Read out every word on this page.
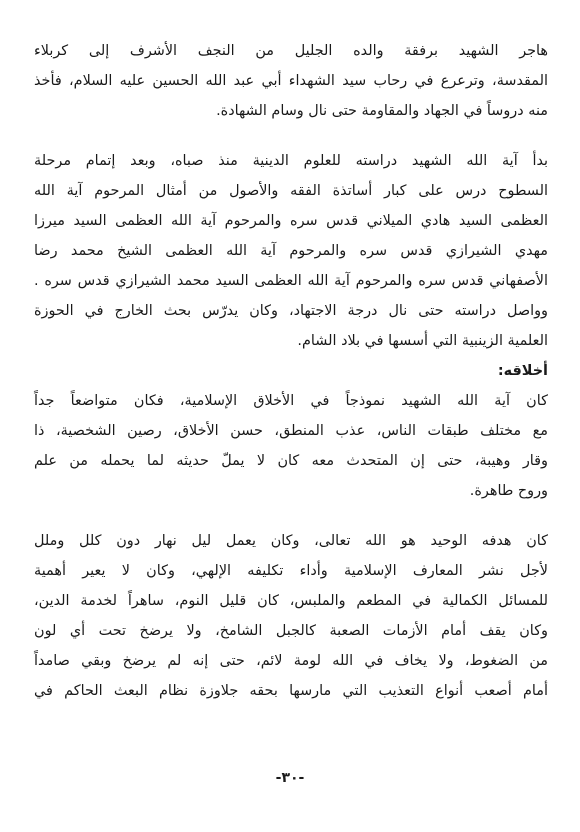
هاجر الشهيد برفقة والده الجليل من النجف الأشرف إلى كربلاء
المقدسة، وترعرع في رحاب سيد الشهداء أبي عبد الله الحسين عليه السلام، فأخذ
منه دروساً في الجهاد والمقاومة حتى نال وسام الشهادة.

بدأ آية الله الشهيد دراسته للعلوم الدينية منذ صباه، وبعد إتمام مرحلة
السطوح درس على كبار أساتذة الفقه والأصول من أمثال المرحوم آية الله
العظمى السيد هادي الميلاني قدس سره والمرحوم آية الله العظمى السيد ميرزا
مهدي الشيرازي قدس سره والمرحوم آية الله العظمى الشيخ محمد رضا
الأصفهاني قدس سره والمرحوم آية الله العظمى السيد محمد الشيرازي قدس سره .
وواصل دراسته حتى نال درجة الاجتهاد، وكان يدرّس بحث الخارج في الحوزة
العلمية الزينبية التي أسسها في بلاد الشام.

أخلاقه:

كان آية الله الشهيد نموذجاً في الأخلاق الإسلامية، فكان متواضعاً جداً
مع مختلف طبقات الناس، عذب المنطق، حسن الأخلاق، رصين الشخصية، ذا
وقار وهيبة، حتى إن المتحدث معه كان لا يملّ حديثه لما يحمله من علم
وروح طاهرة.

كان هدفه الوحيد هو الله تعالى، وكان يعمل ليل نهار دون كلل وملل
لأجل نشر المعارف الإسلامية وأداء تكليفه الإلهي، وكان لا يعير أهمية
للمسائل الكمالية في المطعم والملبس، كان قليل النوم، ساهراً لخدمة الدين،
وكان يقف أمام الأزمات الصعبة كالجبل الشامخ، ولا يرضخ تحت أي لون
من الضغوط، ولا يخاف في الله لومة لائم، حتى إنه لم يرضخ وبقي صامداً
أمام أصعب أنواع التعذيب التي مارسها بحقه جلاوزة نظام البعث الحاكم في

-٣٠-
